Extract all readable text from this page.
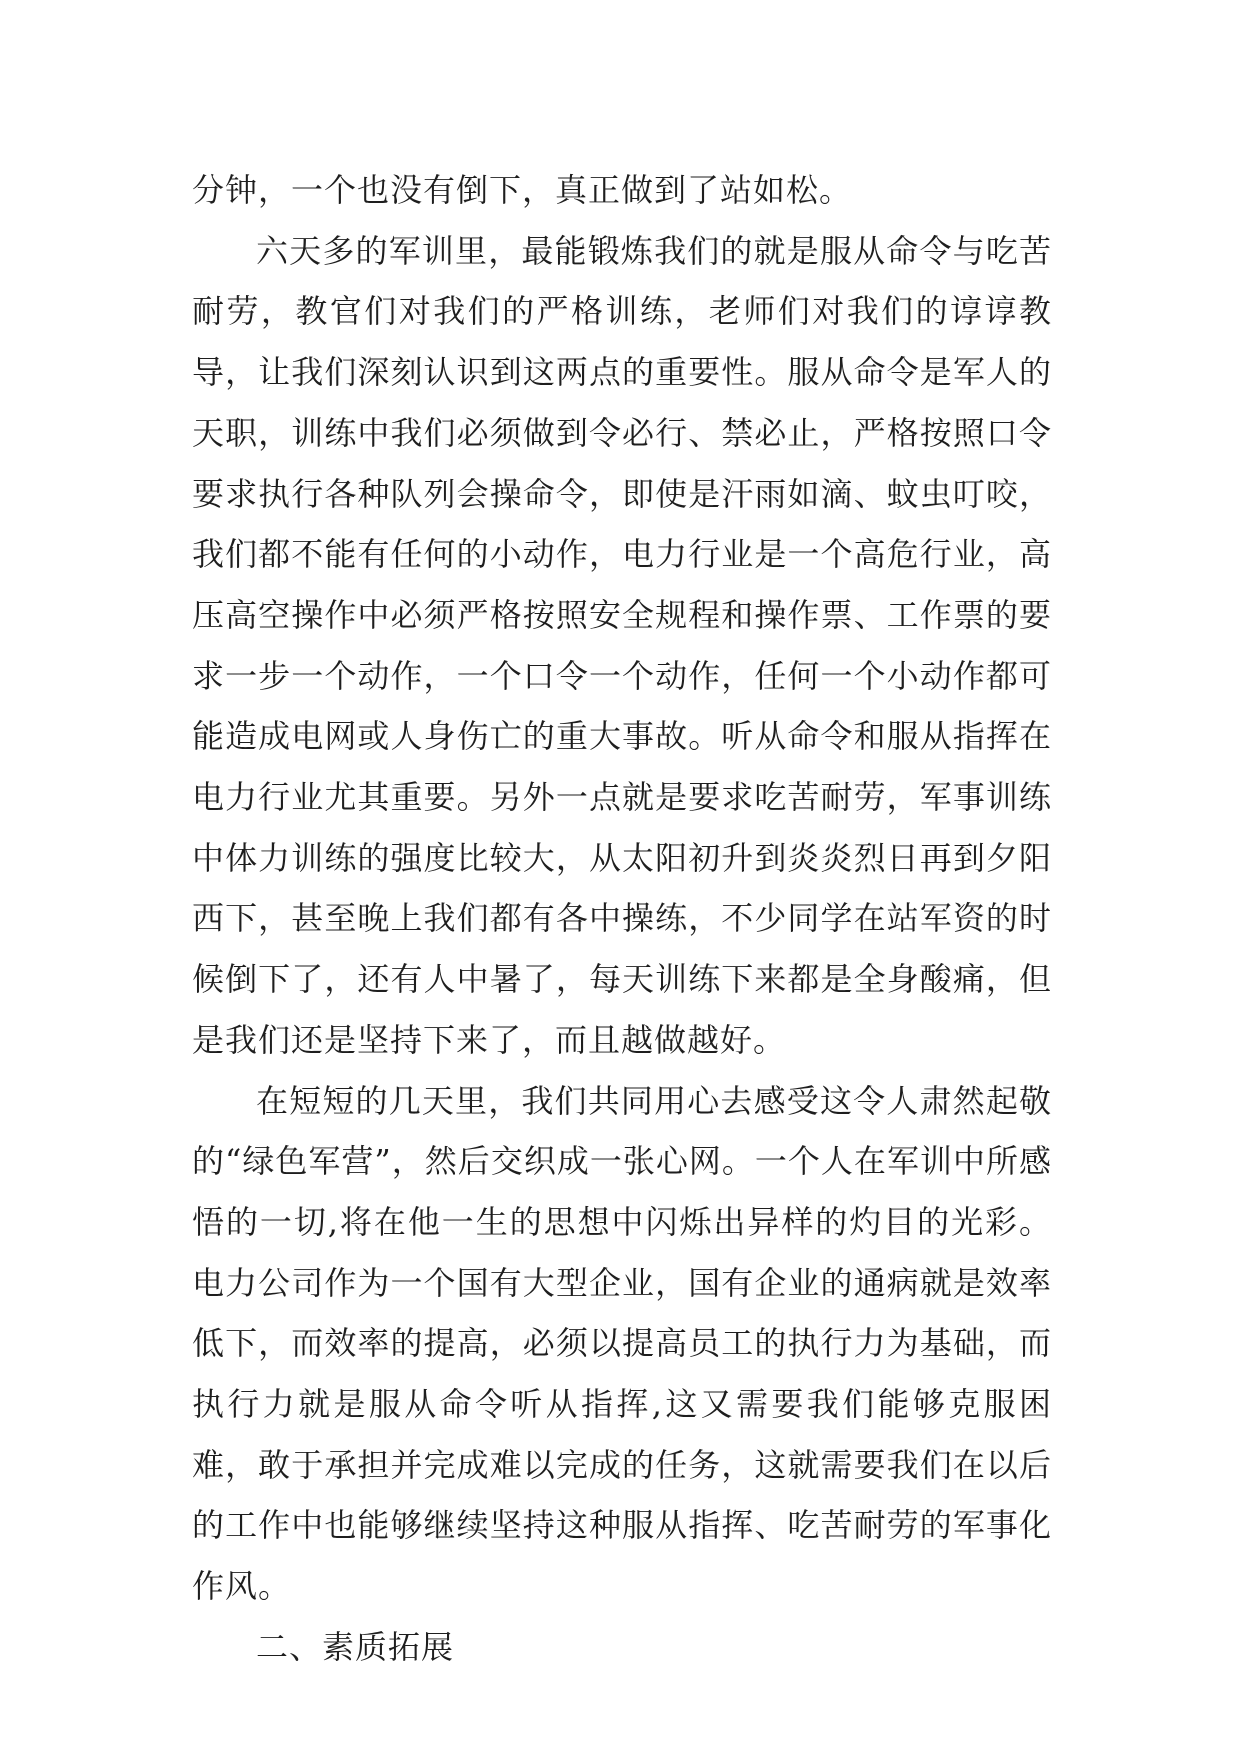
分钟，一个也没有倒下，真正做到了站如松。

六天多的军训里，最能锻炼我们的就是服从命令与吃苦耐劳，教官们对我们的严格训练，老师们对我们的谆谆教导，让我们深刻认识到这两点的重要性。服从命令是军人的天职，训练中我们必须做到令必行、禁必止，严格按照口令要求执行各种队列会操命令，即使是汗雨如滴、蚊虫叮咬，我们都不能有任何的小动作，电力行业是一个高危行业，高压高空操作中必须严格按照安全规程和操作票、工作票的要求一步一个动作，一个口令一个动作，任何一个小动作都可能造成电网或人身伤亡的重大事故。听从命令和服从指挥在电力行业尤其重要。另外一点就是要求吃苦耐劳，军事训练中体力训练的强度比较大，从太阳初升到炎炎烈日再到夕阳西下，甚至晚上我们都有各中操练，不少同学在站军资的时候倒下了，还有人中暑了，每天训练下来都是全身酸痛，但是我们还是坚持下来了，而且越做越好。

在短短的几天里，我们共同用心去感受这令人肃然起敬的“绿色军营”，然后交织成一张心网。一个人在军训中所感悟的一切,将在他一生的思想中闪烁出异样的灼目的光彩。电力公司作为一个国有大型企业，国有企业的通病就是效率低下，而效率的提高，必须以提高员工的执行力为基础，而执行力就是服从命令听从指挥,这又需要我们能够克服困难，敢于承担并完成难以完成的任务，这就需要我们在以后的工作中也能够继续坚持这种服从指挥、吃苦耐劳的军事化作风。

二、素质拓展
